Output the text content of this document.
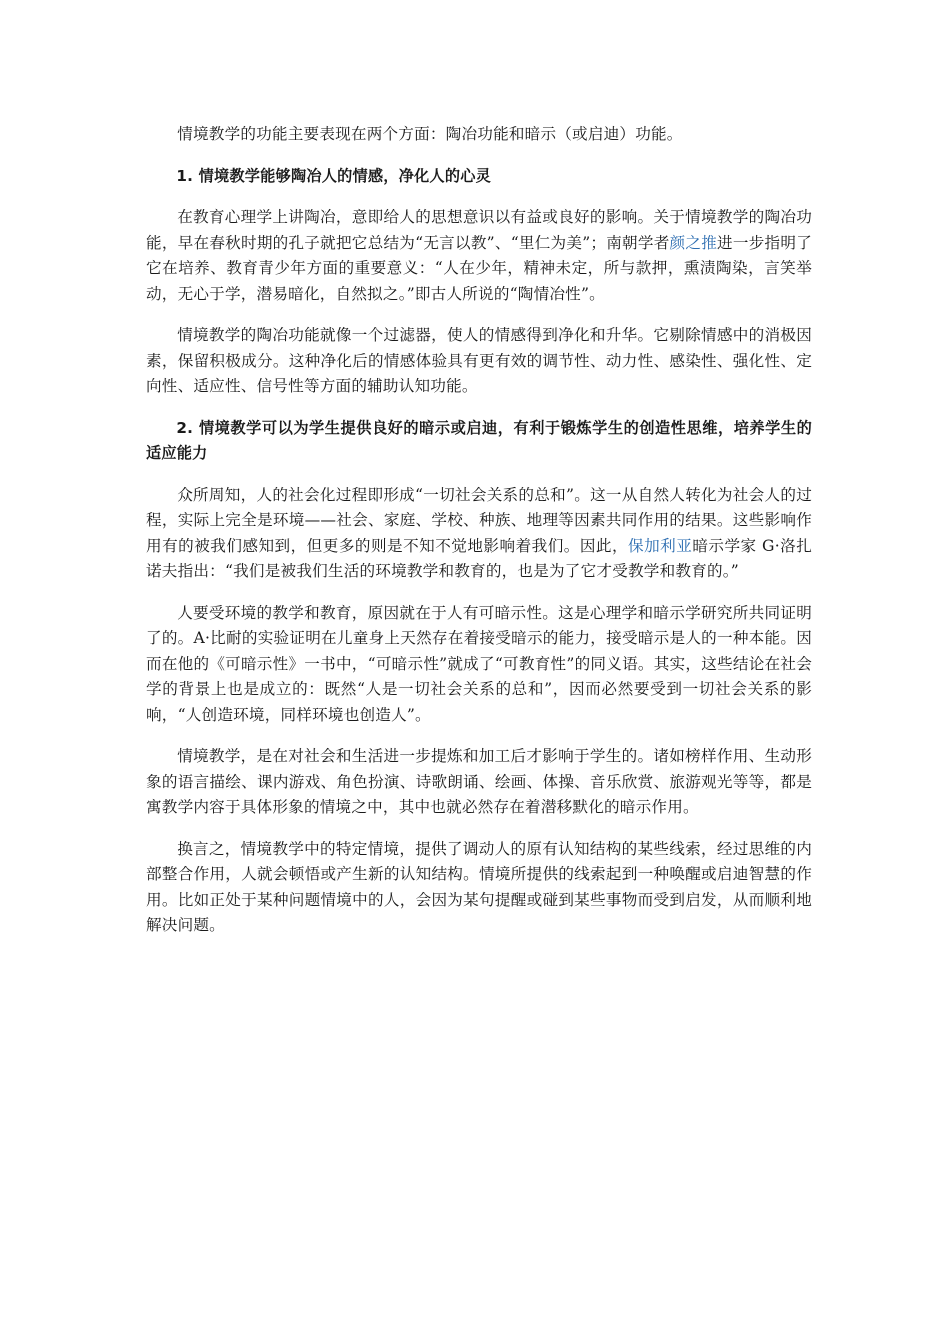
情境教学的功能主要表现在两个方面：陶冶功能和暗示（或启迪）功能。

1. 情境教学能够陶冶人的情感，净化人的心灵

在教育心理学上讲陶冶，意即给人的思想意识以有益或良好的影响。关于情境教学的陶冶功能，早在春秋时期的孔子就把它总结为“无言以教”、“里仁为美”；南朝学者颜之推进一步指明了它在培养、教育青少年方面的重要意义：“人在少年，精神未定，所与款押，熏渍陶染，言笑举动，无心于学，潜易暗化，自然拟之。”即古人所说的“陶情冶性”。

情境教学的陶冶功能就像一个过滤器，使人的情感得到净化和升华。它剔除情感中的消极因素，保留积极成分。这种净化后的情感体验具有更有效的调节性、动力性、感染性、强化性、定向性、适应性、信号性等方面的辅助认知功能。

2. 情境教学可以为学生提供良好的暗示或启迪，有利于锻炼学生的创造性思维，培养学生的适应能力

众所周知，人的社会化过程即形成“一切社会关系的总和”。这一从自然人转化为社会人的过程，实际上完全是环境——社会、家庭、学校、种族、地理等因素共同作用的结果。这些影响作用有的被我们感知到，但更多的则是不知不觉地影响着我们。因此，保加利亚暗示学家 G·洛扎诺夫指出：“我们是被我们生活的环境教学和教育的，也是为了它才受教学和教育的。”

人要受环境的教学和教育，原因就在于人有可暗示性。这是心理学和暗示学研究所共同证明了的。A·比耐的实验证明在儿童身上天然存在着接受暗示的能力，接受暗示是人的一种本能。因而在他的《可暗示性》一书中，“可暗示性”就成了“可教育性”的同义语。其实，这些结论在社会学的背景上也是成立的：既然“人是一切社会关系的总和”，因而必然要受到一切社会关系的影响，“人创造环境，同样环境也创造人”。

情境教学，是在对社会和生活进一步提炼和加工后才影响于学生的。诸如榜样作用、生动形象的语言描绘、课内游戏、角色扮演、诗歌朗诵、绘画、体操、音乐欣赏、旅游观光等等，都是寓教学内容于具体形象的情境之中，其中也就必然存在着潜移默化的暗示作用。

换言之，情境教学中的特定情境，提供了调动人的原有认知结构的某些线索，经过思维的内部整合作用，人就会顿悟或产生新的认知结构。情境所提供的线索起到一种唤醒或启迪智慧的作用。比如正处于某种问题情境中的人，会因为某句提醒或碰到某些事物而受到启发，从而顺利地解决问题。
